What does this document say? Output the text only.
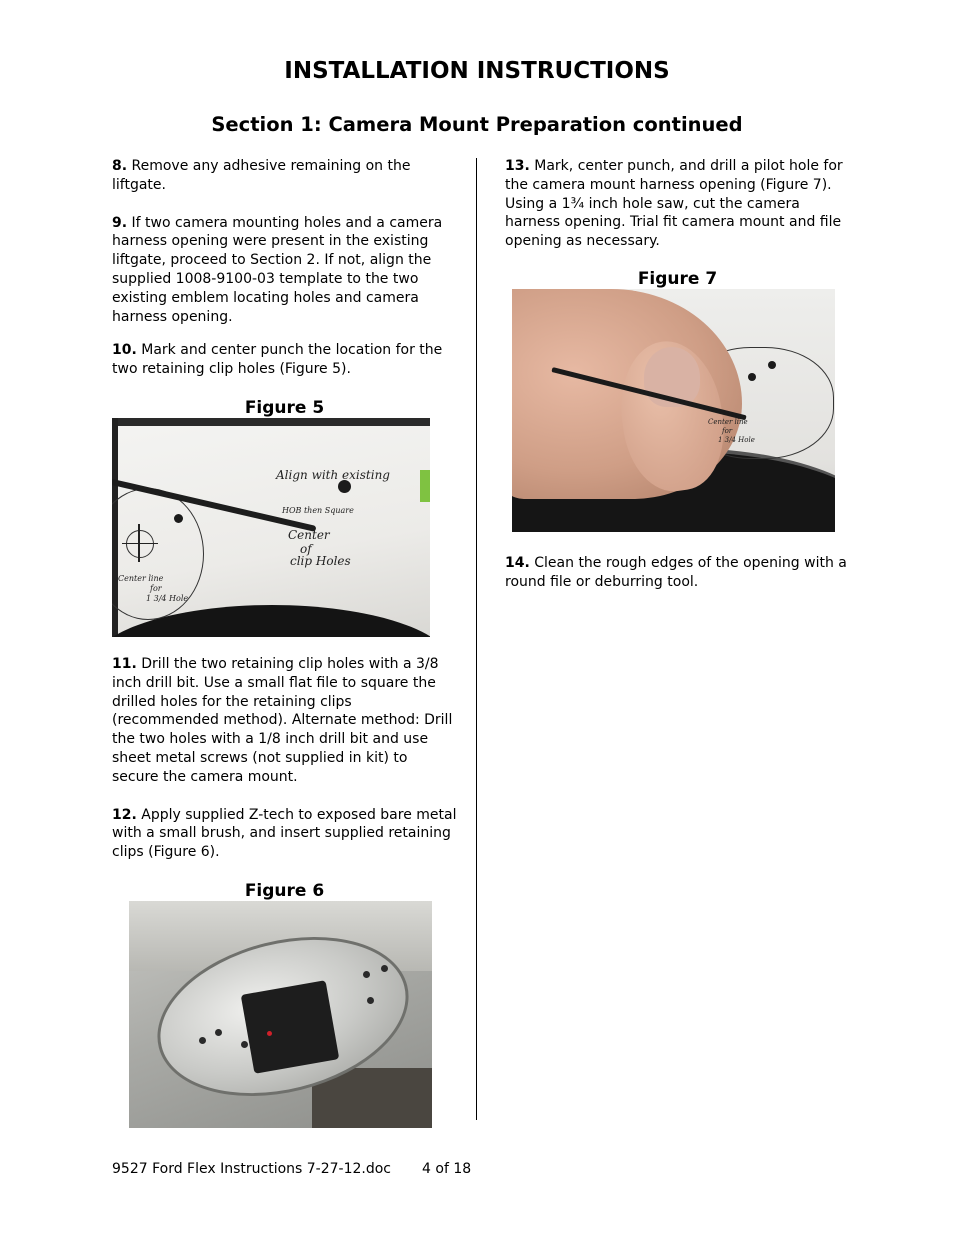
INSTALLATION INSTRUCTIONS
Section 1: Camera Mount Preparation continued

8. Remove any adhesive remaining on the liftgate.

9. If two camera mounting holes and a camera harness opening were present in the existing liftgate, proceed to Section 2. If not, align the supplied 1008-9100-03 template to the two existing emblem locating holes and camera harness opening.

10. Mark and center punch the location for the two retaining clip holes (Figure 5).

Figure 5

Align with existing
HOB then Square
Center
of
clip Holes
Center line
for
1 3/4 Hole

11. Drill the two retaining clip holes with a 3/8 inch drill bit. Use a small flat file to square the drilled holes for the retaining clips (recommended method). Alternate method: Drill the two holes with a 1/8 inch drill bit and use sheet metal screws (not supplied in kit) to secure the camera mount.

12. Apply supplied Z-tech to exposed bare metal with a small brush, and insert supplied retaining clips (Figure 6).

Figure 6

13. Mark, center punch, and drill a pilot hole for the camera mount harness opening (Figure 7). Using a 1¾ inch hole saw, cut the camera harness opening. Trial fit camera mount and file opening as necessary.

Figure 7

Center line
for
1 3/4 Hole

14. Clean the rough edges of the opening with a round file or deburring tool.

9527 Ford Flex Instructions 7-27-12.doc 4 of 18
